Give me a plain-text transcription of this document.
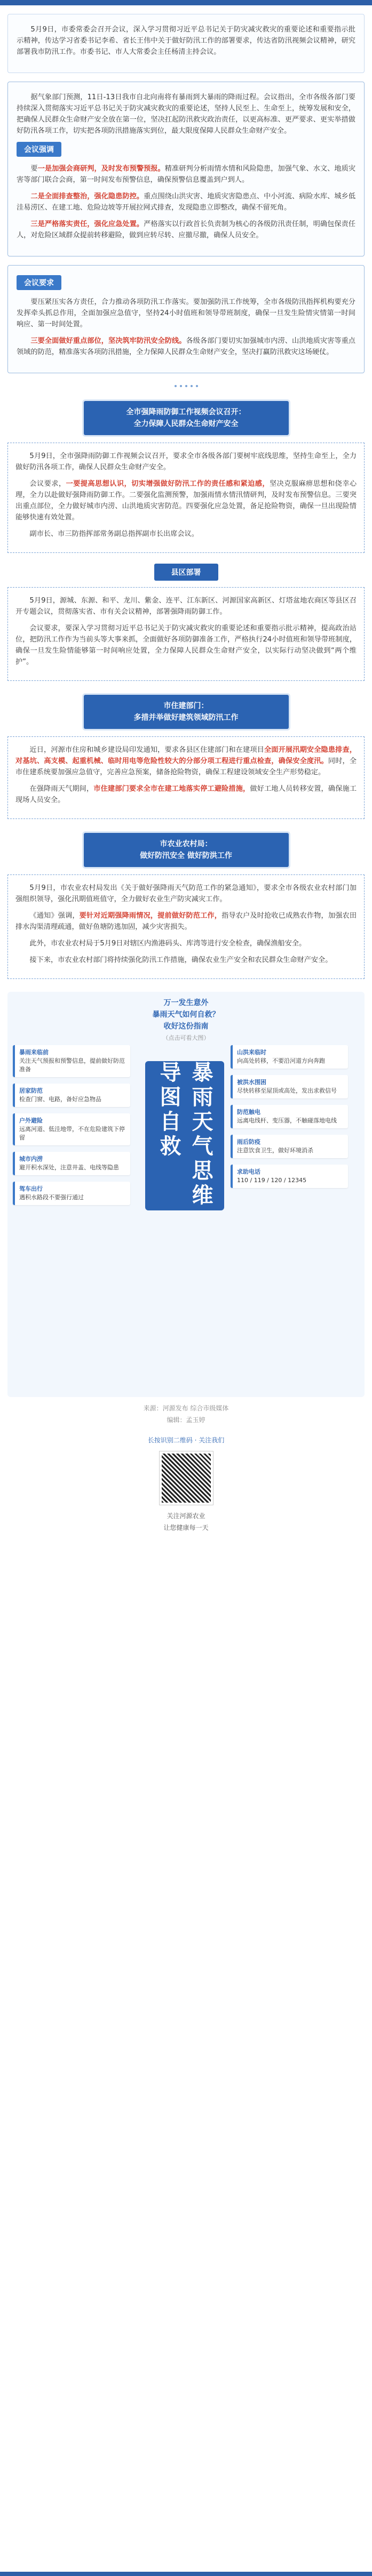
5月9日，市委常委会召开会议，深入学习贯彻习近平总书记关于防灾减灾救灾的重要论述和重要指示批示精神，传达学习省委书记李希、省长王伟中关于做好防汛工作的部署要求，传达省防汛视频会议精神，研究部署我市防汛工作。市委书记、市人大常委会主任杨清主持会议。

据气象部门预测，11日-13日我市自北向南将有暴雨到大暴雨的降雨过程。会议指出，全市各级各部门要持续深入贯彻落实习近平总书记关于防灾减灾救灾的重要论述，坚持人民至上、生命至上，统筹发展和安全，把确保人民群众生命财产安全放在第一位，坚决扛起防汛救灾政治责任，以更高标准、更严要求、更实举措做好防汛各项工作，切实把各项防汛措施落实到位，最大限度保障人民群众生命财产安全。

会议强调

要一是加强会商研判，及时发布预警预报。精准研判分析雨情水情和风险隐患，加强气象、水文、地质灾害等部门联合会商，第一时间发布预警信息，确保预警信息覆盖到户到人。

二是全面排查整治，强化隐患防控。重点围绕山洪灾害、地质灾害隐患点、中小河流、病险水库、城乡低洼易涝区、在建工地、危险边坡等开展拉网式排查，发现隐患立即整改，确保不留死角。

三是严格落实责任，强化应急处置。严格落实以行政首长负责制为核心的各级防汛责任制，明确包保责任人，对危险区域群众提前转移避险，做到应转尽转、应撤尽撤，确保人员安全。

会议要求

要压紧压实各方责任，合力推动各项防汛工作落实。要加强防汛工作统筹，全市各级防汛指挥机构要充分发挥牵头抓总作用，全面加强应急值守，坚持24小时值班和领导带班制度，确保一旦发生险情灾情第一时间响应、第一时间处置。

三要全面做好重点部位，坚决筑牢防汛安全防线。各级各部门要切实加强城市内涝、山洪地质灾害等重点领域的防范，精准落实各项防汛措施，全力保障人民群众生命财产安全，坚决打赢防汛救灾这场硬仗。

全市强降雨防御工作视频会议召开：
全力保障人民群众生命财产安全

5月9日，全市强降雨防御工作视频会议召开，要求全市各级各部门要树牢底线思维，坚持生命至上，全力做好防汛各项工作，确保人民群众生命财产安全。

会议要求，一要提高思想认识，切实增强做好防汛工作的责任感和紧迫感，坚决克服麻痹思想和侥幸心理，全力以赴做好强降雨防御工作。二要强化监测预警，加强雨情水情汛情研判，及时发布预警信息。三要突出重点部位，全力做好城市内涝、山洪地质灾害防范。四要强化应急处置，备足抢险物资，确保一旦出现险情能够快速有效处置。

副市长、市三防指挥部常务副总指挥副市长出席会议。

县区部署

5月9日，源城、东源、和平、龙川、紫金、连平、江东新区、河源国家高新区、灯塔盆地农商区等县区召开专题会议，贯彻落实省、市有关会议精神，部署强降雨防御工作。

会议要求，要深入学习贯彻习近平总书记关于防灾减灾救灾的重要论述和重要指示批示精神，提高政治站位，把防汛工作作为当前头等大事来抓，全面做好各项防御准备工作，严格执行24小时值班和领导带班制度，确保一旦发生险情能够第一时间响应处置，全力保障人民群众生命财产安全，以实际行动坚决做到“两个维护”。

市住建部门：
多措并举做好建筑领域防汛工作

近日，河源市住房和城乡建设局印发通知，要求各县区住建部门和在建项目全面开展汛期安全隐患排查，对基坑、高支模、起重机械、临时用电等危险性较大的分部分项工程进行重点检查，确保安全度汛。同时，全市住建系统要加强应急值守，完善应急预案，储备抢险物资，确保工程建设领域安全生产形势稳定。

在强降雨天气期间，市住建部门要求全市在建工地落实停工避险措施，做好工地人员转移安置，确保施工现场人员安全。

市农业农村局：
做好防汛安全 做好防洪工作

5月9日，市农业农村局发出《关于做好强降雨天气防范工作的紧急通知》，要求全市各级农业农村部门加强组织领导，强化汛期值班值守，全力做好农业生产防灾减灾工作。

《通知》强调，要针对近期强降雨情况，提前做好防范工作，指导农户及时抢收已成熟农作物，加强农田排水沟渠清理疏通，做好鱼塘防逃加固，减少灾害损失。

此外，市农业农村局于5月9日对辖区内渔港码头、库湾等进行安全检查，确保渔船安全。

接下来，市农业农村部门将持续强化防汛工作措施，确保农业生产安全和农民群众生命财产安全。

万一发生意外
暴雨天气如何自救？
收好这份指南
（点击可看大图）
暴雨来临前
关注天气预报和预警信息，提前做好防范准备
居家防范
检查门窗、电路，备好应急物品
户外避险
远离河道、低洼地带，不在危险建筑下停留
城市内涝
避开积水深处，注意井盖、电线等隐患
驾车出行
遇积水路段不要强行通过	暴雨天气思维导图自救
山洪来临时
向高处转移，不要沿河道方向奔跑
被洪水围困
尽快转移至屋顶或高处，发出求救信号
防范触电
远离电线杆、变压器，不触碰落地电线
雨后防疫
注意饮食卫生，做好环境消杀
求助电话
110 / 119 / 120 / 12345
来源：河源发布 综合市级媒体
编辑：孟玉婷
长按识别二维码 · 关注我们
关注河源农业
让您健康每一天
